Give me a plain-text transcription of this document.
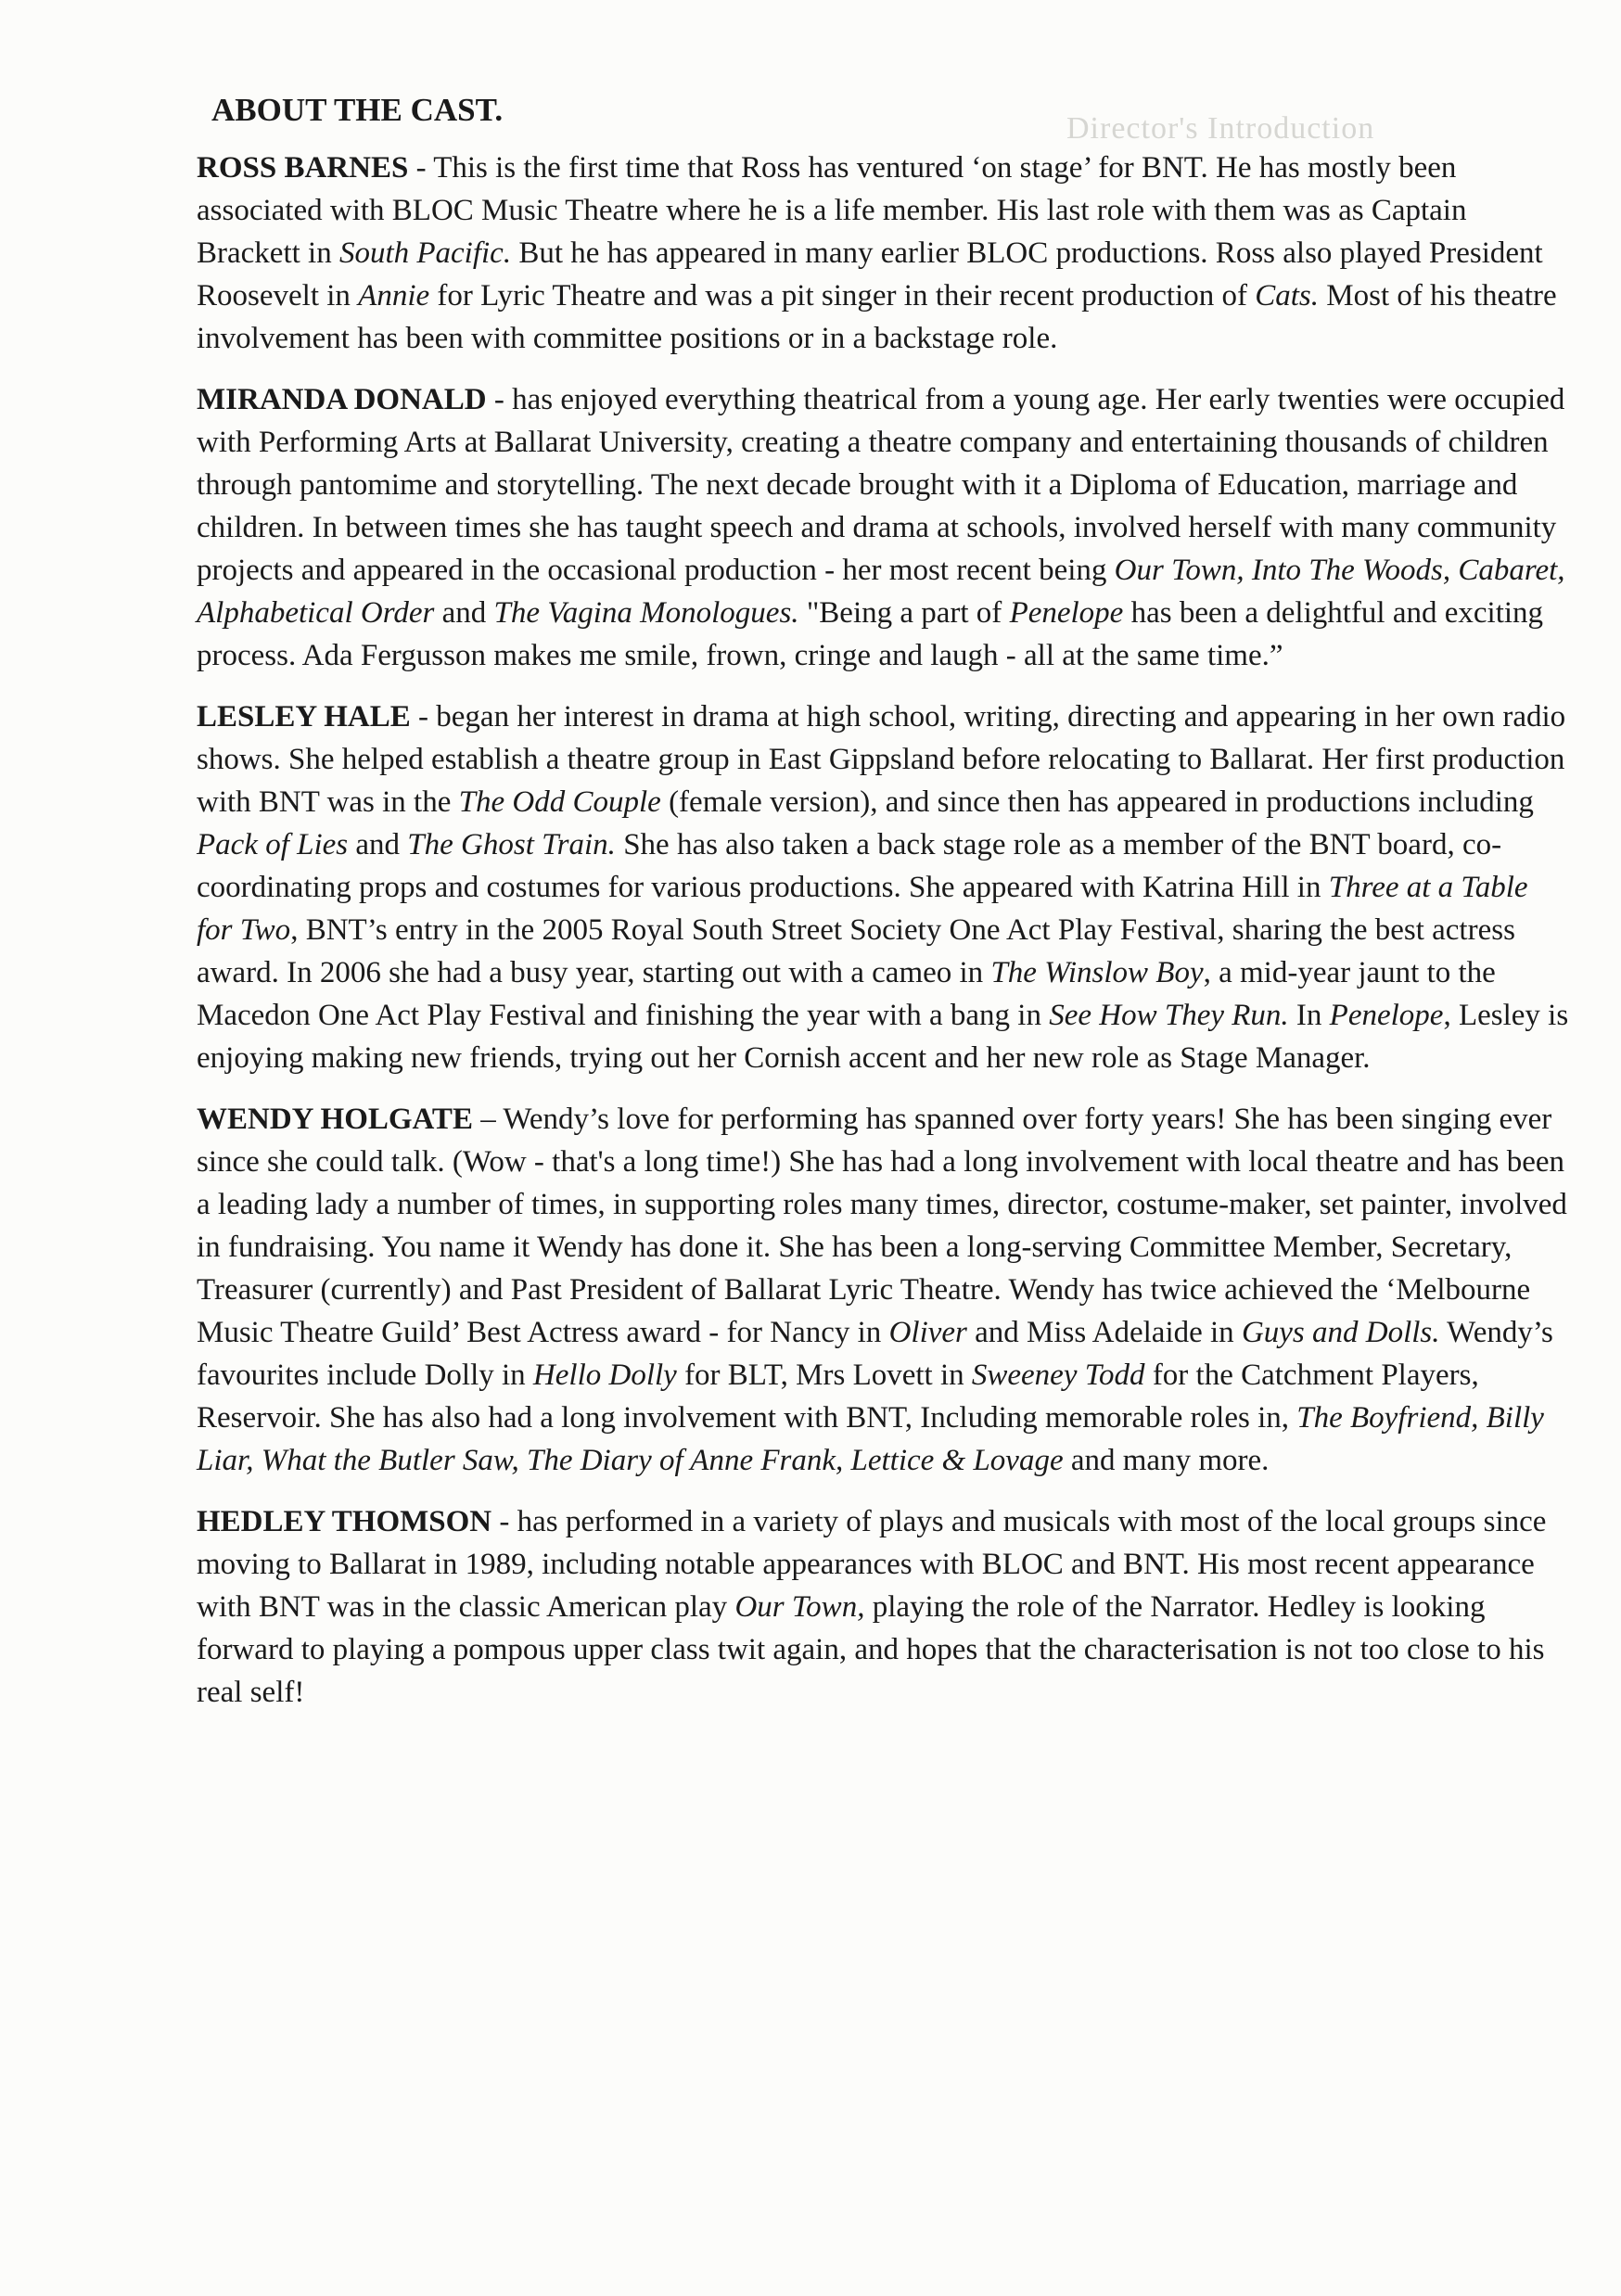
Director's Introduction
ABOUT THE CAST.

ROSS BARNES - This is the first time that Ross has ventured ‘on stage’ for BNT. He has mostly been associated with BLOC Music Theatre where he is a life member. His last role with them was as Captain Brackett in South Pacific. But he has appeared in many earlier BLOC productions. Ross also played President Roosevelt in Annie for Lyric Theatre and was a pit singer in their recent production of Cats. Most of his theatre involvement has been with committee positions or in a backstage role.

MIRANDA DONALD - has enjoyed everything theatrical from a young age. Her early twenties were occupied with Performing Arts at Ballarat University, creating a theatre company and entertaining thousands of children through pantomime and storytelling. The next decade brought with it a Diploma of Education, marriage and children. In between times she has taught speech and drama at schools, involved herself with many community projects and appeared in the occasional production - her most recent being Our Town, Into The Woods, Cabaret, Alphabetical Order and The Vagina Monologues. "Being a part of Penelope has been a delightful and exciting process. Ada Fergusson makes me smile, frown, cringe and laugh - all at the same time.”

LESLEY HALE - began her interest in drama at high school, writing, directing and appearing in her own radio shows. She helped establish a theatre group in East Gippsland before relocating to Ballarat. Her first production with BNT was in the The Odd Couple (female version), and since then has appeared in productions including Pack of Lies and The Ghost Train. She has also taken a back stage role as a member of the BNT board, co-coordinating props and costumes for various productions. She appeared with Katrina Hill in Three at a Table for Two, BNT’s entry in the 2005 Royal South Street Society One Act Play Festival, sharing the best actress award. In 2006 she had a busy year, starting out with a cameo in The Winslow Boy, a mid-year jaunt to the Macedon One Act Play Festival and finishing the year with a bang in See How They Run. In Penelope, Lesley is enjoying making new friends, trying out her Cornish accent and her new role as Stage Manager.

WENDY HOLGATE – Wendy’s love for performing has spanned over forty years! She has been singing ever since she could talk. (Wow - that's a long time!) She has had a long involvement with local theatre and has been a leading lady a number of times, in supporting roles many times, director, costume-maker, set painter, involved in fundraising. You name it Wendy has done it. She has been a long-serving Committee Member, Secretary, Treasurer (currently) and Past President of Ballarat Lyric Theatre. Wendy has twice achieved the ‘Melbourne Music Theatre Guild’ Best Actress award - for Nancy in Oliver and Miss Adelaide in Guys and Dolls. Wendy’s favourites include Dolly in Hello Dolly for BLT, Mrs Lovett in Sweeney Todd for the Catchment Players, Reservoir. She has also had a long involvement with BNT, Including memorable roles in, The Boyfriend, Billy Liar, What the Butler Saw, The Diary of Anne Frank, Lettice & Lovage and many more.

HEDLEY THOMSON - has performed in a variety of plays and musicals with most of the local groups since moving to Ballarat in 1989, including notable appearances with BLOC and BNT. His most recent appearance with BNT was in the classic American play Our Town, playing the role of the Narrator. Hedley is looking forward to playing a pompous upper class twit again, and hopes that the characterisation is not too close to his real self!
